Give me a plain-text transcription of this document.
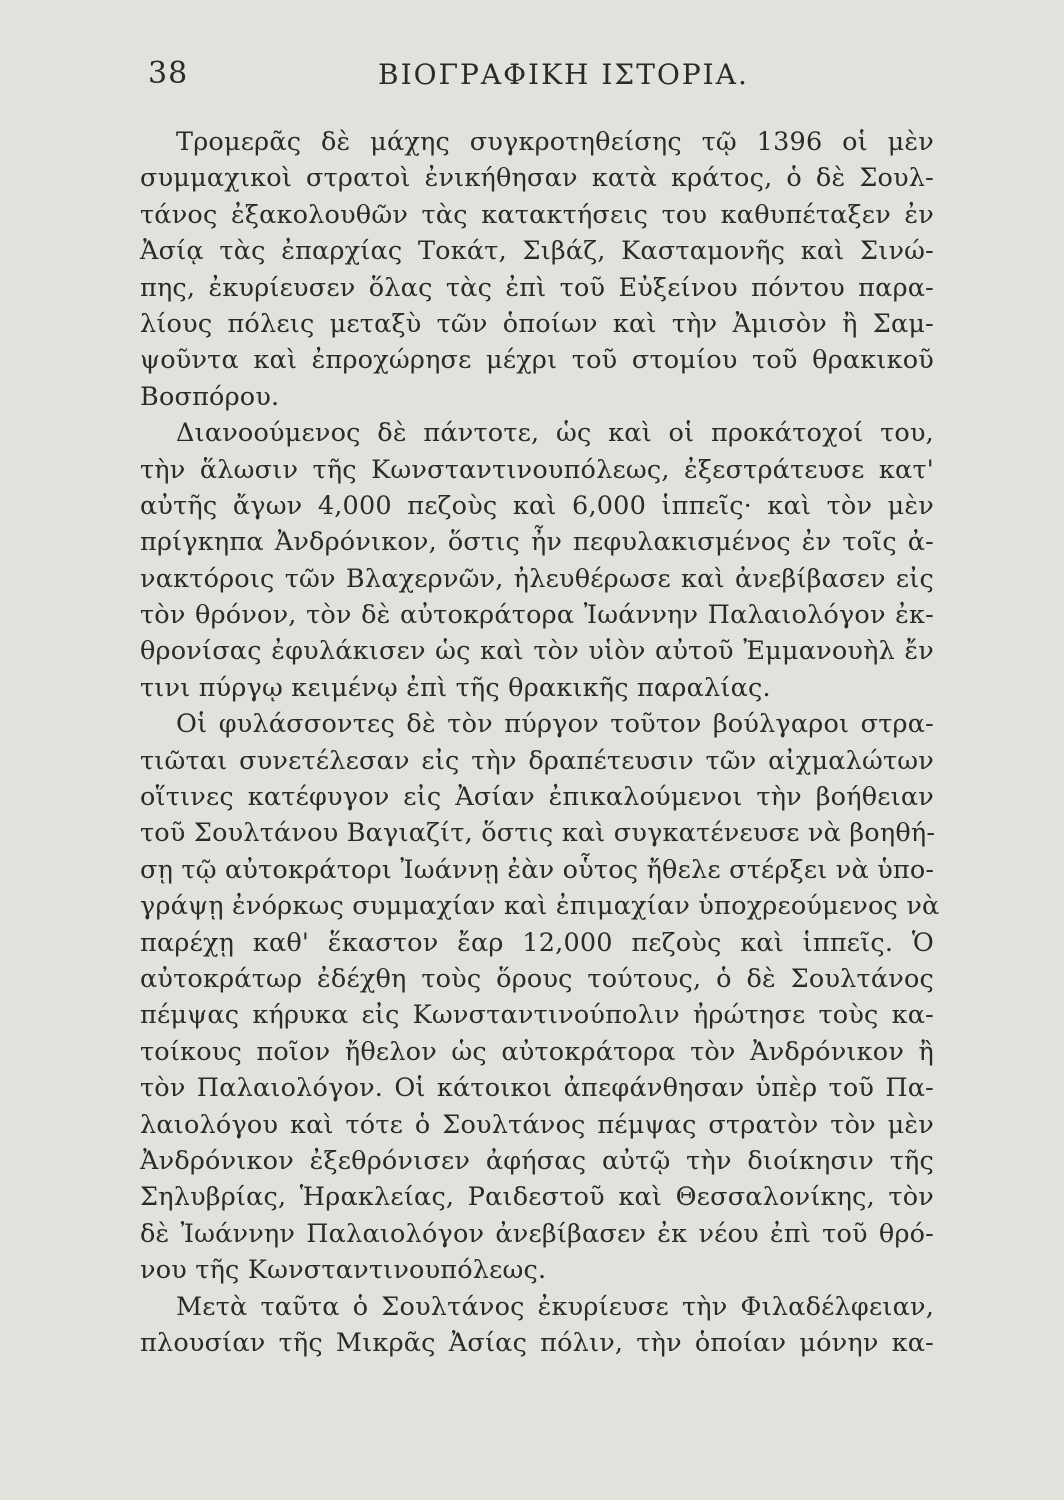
38	ΒΙΟΓΡΑΦΙΚΗ ΙΣΤΟΡΙΑ.
Τρομερᾶς δὲ μάχης συγκροτηθείσης τῷ 1396 οἱ μὲν
συμμαχικοὶ στρατοὶ ἐνικήθησαν κατὰ κράτος, ὁ δὲ Σουλ-
τάνος ἐξακολουθῶν τὰς κατακτήσεις του καθυπέταξεν ἐν
Ἀσίᾳ τὰς ἐπαρχίας Τοκάτ, Σιβάζ, Κασταμονῆς καὶ Σινώ-
πης, ἐκυρίευσεν ὅλας τὰς ἐπὶ τοῦ Εὐξείνου πόντου παρα-
λίους πόλεις μεταξὺ τῶν ὁποίων καὶ τὴν Ἀμισὸν ἢ Σαμ-
ψοῦντα καὶ ἐπροχώρησε μέχρι τοῦ στομίου τοῦ θρακικοῦ
Βοσπόρου.
Διανοούμενος δὲ πάντοτε, ὡς καὶ οἱ προκάτοχοί του,
τὴν ἅλωσιν τῆς Κωνσταντινουπόλεως, ἐξεστράτευσε κατ'
αὐτῆς ἄγων 4,000 πεζοὺς καὶ 6,000 ἱππεῖς· καὶ τὸν μὲν
πρίγκηπα Ἀνδρόνικον, ὅστις ἦν πεφυλακισμένος ἐν τοῖς ἀ-
νακτόροις τῶν Βλαχερνῶν, ἠλευθέρωσε καὶ ἀνεβίβασεν εἰς
τὸν θρόνον, τὸν δὲ αὐτοκράτορα Ἰωάννην Παλαιολόγον ἐκ-
θρονίσας ἐφυλάκισεν ὡς καὶ τὸν υἱὸν αὐτοῦ Ἐμμανουὴλ ἔν
τινι πύργῳ κειμένῳ ἐπὶ τῆς θρακικῆς παραλίας.
Οἱ φυλάσσοντες δὲ τὸν πύργον τοῦτον βούλγαροι στρα-
τιῶται συνετέλεσαν εἰς τὴν δραπέτευσιν τῶν αἰχμαλώτων
οἵτινες κατέφυγον εἰς Ἀσίαν ἐπικαλούμενοι τὴν βοήθειαν
τοῦ Σουλτάνου Βαγιαζίτ, ὅστις καὶ συγκατένευσε νὰ βοηθή-
σῃ τῷ αὐτοκράτορι Ἰωάννῃ ἐὰν οὗτος ἤθελε στέρξει νὰ ὑπο-
γράψῃ ἐνόρκως συμμαχίαν καὶ ἐπιμαχίαν ὑποχρεούμενος νὰ
παρέχῃ καθ' ἕκαστον ἔαρ 12,000 πεζοὺς καὶ ἱππεῖς. Ὁ
αὐτοκράτωρ ἐδέχθη τοὺς ὅρους τούτους, ὁ δὲ Σουλτάνος
πέμψας κήρυκα εἰς Κωνσταντινούπολιν ἠρώτησε τοὺς κα-
τοίκους ποῖον ἤθελον ὡς αὐτοκράτορα τὸν Ἀνδρόνικον ἢ
τὸν Παλαιολόγον. Οἱ κάτοικοι ἀπεφάνθησαν ὑπὲρ τοῦ Πα-
λαιολόγου καὶ τότε ὁ Σουλτάνος πέμψας στρατὸν τὸν μὲν
Ἀνδρόνικον ἐξεθρόνισεν ἀφήσας αὐτῷ τὴν διοίκησιν τῆς
Σηλυβρίας, Ἡρακλείας, Ραιδεστοῦ καὶ Θεσσαλονίκης, τὸν
δὲ Ἰωάννην Παλαιολόγον ἀνεβίβασεν ἐκ νέου ἐπὶ τοῦ θρό-
νου τῆς Κωνσταντινουπόλεως.
Μετὰ ταῦτα ὁ Σουλτάνος ἐκυρίευσε τὴν Φιλαδέλφειαν,
πλουσίαν τῆς Μικρᾶς Ἀσίας πόλιν, τὴν ὁποίαν μόνην κα-
